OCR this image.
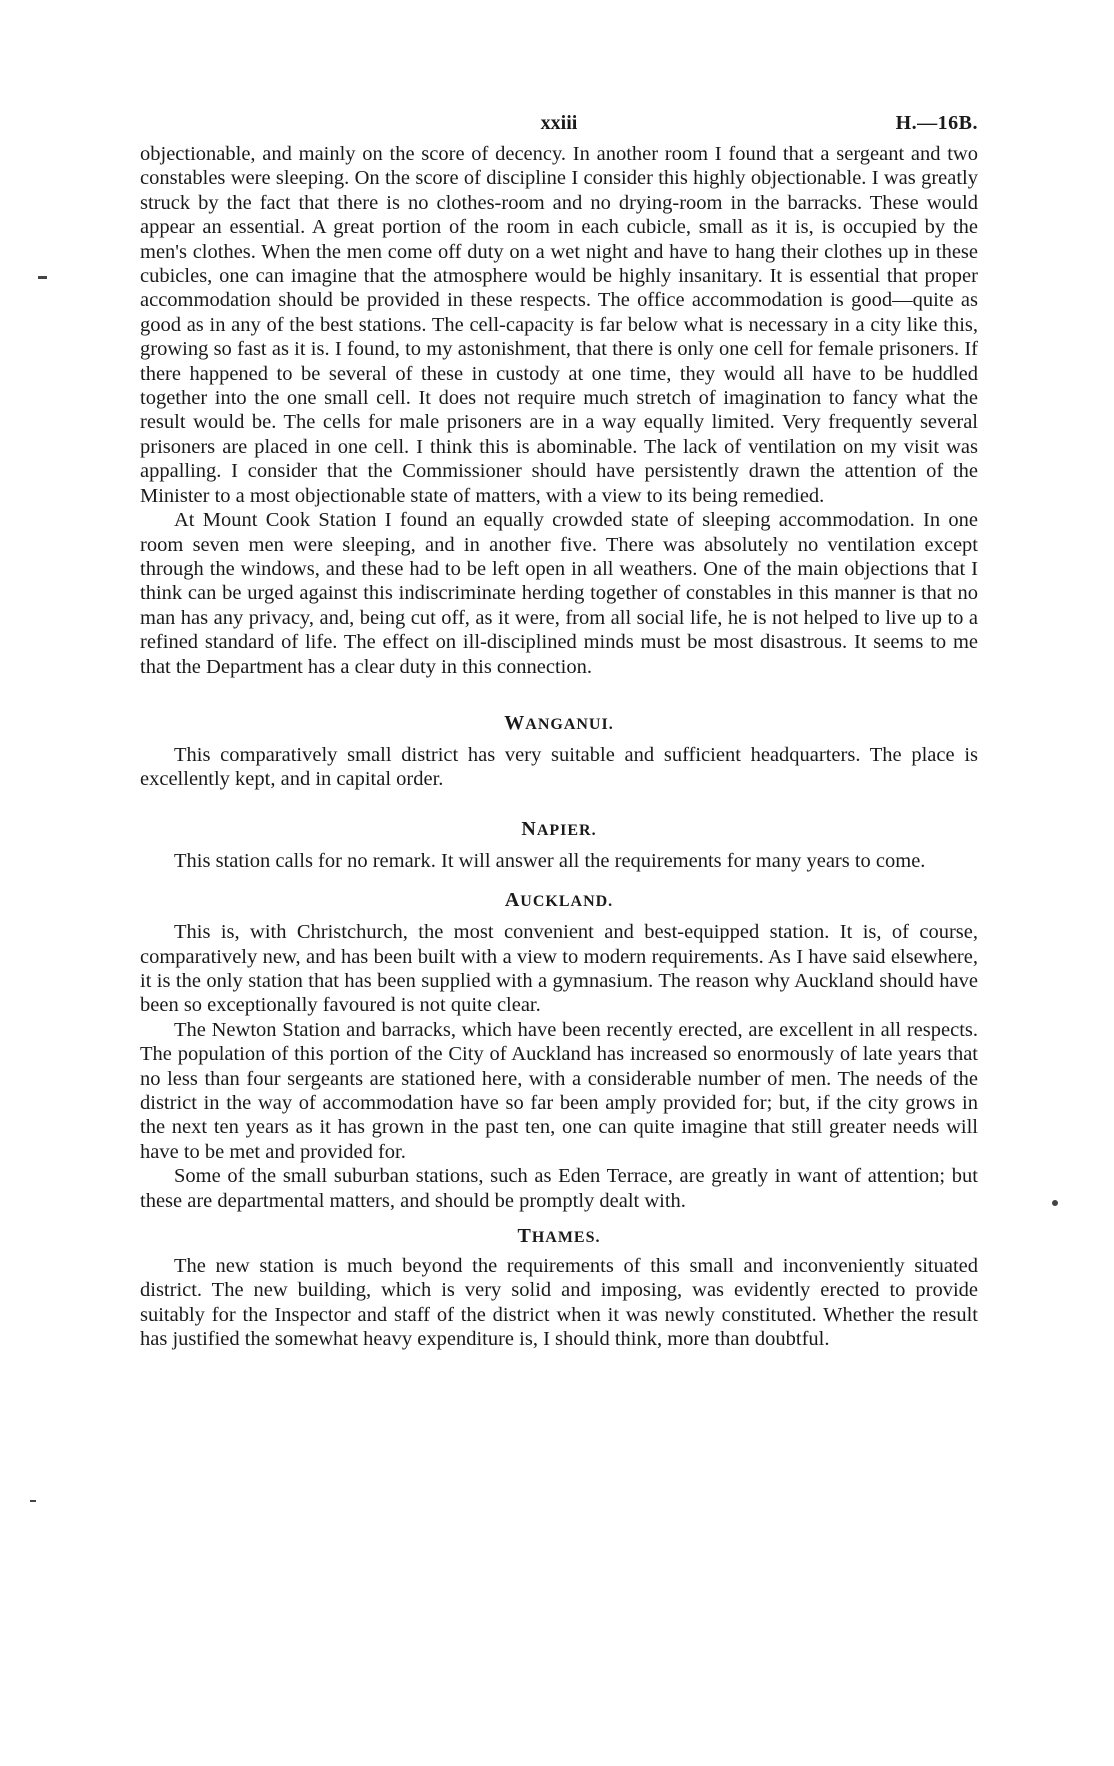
xxiii	H.—16B.

objectionable, and mainly on the score of decency. In another room I found that a sergeant and two constables were sleeping. On the score of discipline I consider this highly objectionable. I was greatly struck by the fact that there is no clothes-room and no drying-room in the barracks. These would appear an essential. A great portion of the room in each cubicle, small as it is, is occupied by the men's clothes. When the men come off duty on a wet night and have to hang their clothes up in these cubicles, one can imagine that the atmosphere would be highly insanitary. It is essential that proper accommodation should be provided in these respects. The office accommodation is good—quite as good as in any of the best stations. The cell-capacity is far below what is necessary in a city like this, growing so fast as it is. I found, to my astonishment, that there is only one cell for female prisoners. If there happened to be several of these in custody at one time, they would all have to be huddled together into the one small cell. It does not require much stretch of imagination to fancy what the result would be. The cells for male prisoners are in a way equally limited. Very frequently several prisoners are placed in one cell. I think this is abominable. The lack of ventilation on my visit was appalling. I consider that the Commissioner should have persistently drawn the attention of the Minister to a most objectionable state of matters, with a view to its being remedied.

At Mount Cook Station I found an equally crowded state of sleeping accommodation. In one room seven men were sleeping, and in another five. There was absolutely no ventilation except through the windows, and these had to be left open in all weathers. One of the main objections that I think can be urged against this indiscriminate herding together of constables in this manner is that no man has any privacy, and, being cut off, as it were, from all social life, he is not helped to live up to a refined standard of life. The effect on ill-disciplined minds must be most disastrous. It seems to me that the Department has a clear duty in this connection.

WANGANUI.

This comparatively small district has very suitable and sufficient headquarters. The place is excellently kept, and in capital order.

NAPIER.

This station calls for no remark. It will answer all the requirements for many years to come.

AUCKLAND.

This is, with Christchurch, the most convenient and best-equipped station. It is, of course, comparatively new, and has been built with a view to modern requirements. As I have said elsewhere, it is the only station that has been supplied with a gymnasium. The reason why Auckland should have been so exceptionally favoured is not quite clear.

The Newton Station and barracks, which have been recently erected, are excellent in all respects. The population of this portion of the City of Auckland has increased so enormously of late years that no less than four sergeants are stationed here, with a considerable number of men. The needs of the district in the way of accommodation have so far been amply provided for; but, if the city grows in the next ten years as it has grown in the past ten, one can quite imagine that still greater needs will have to be met and provided for.

Some of the small suburban stations, such as Eden Terrace, are greatly in want of attention; but these are departmental matters, and should be promptly dealt with.

THAMES.

The new station is much beyond the requirements of this small and inconveniently situated district. The new building, which is very solid and imposing, was evidently erected to provide suitably for the Inspector and staff of the district when it was newly constituted. Whether the result has justified the somewhat heavy expenditure is, I should think, more than doubtful.
